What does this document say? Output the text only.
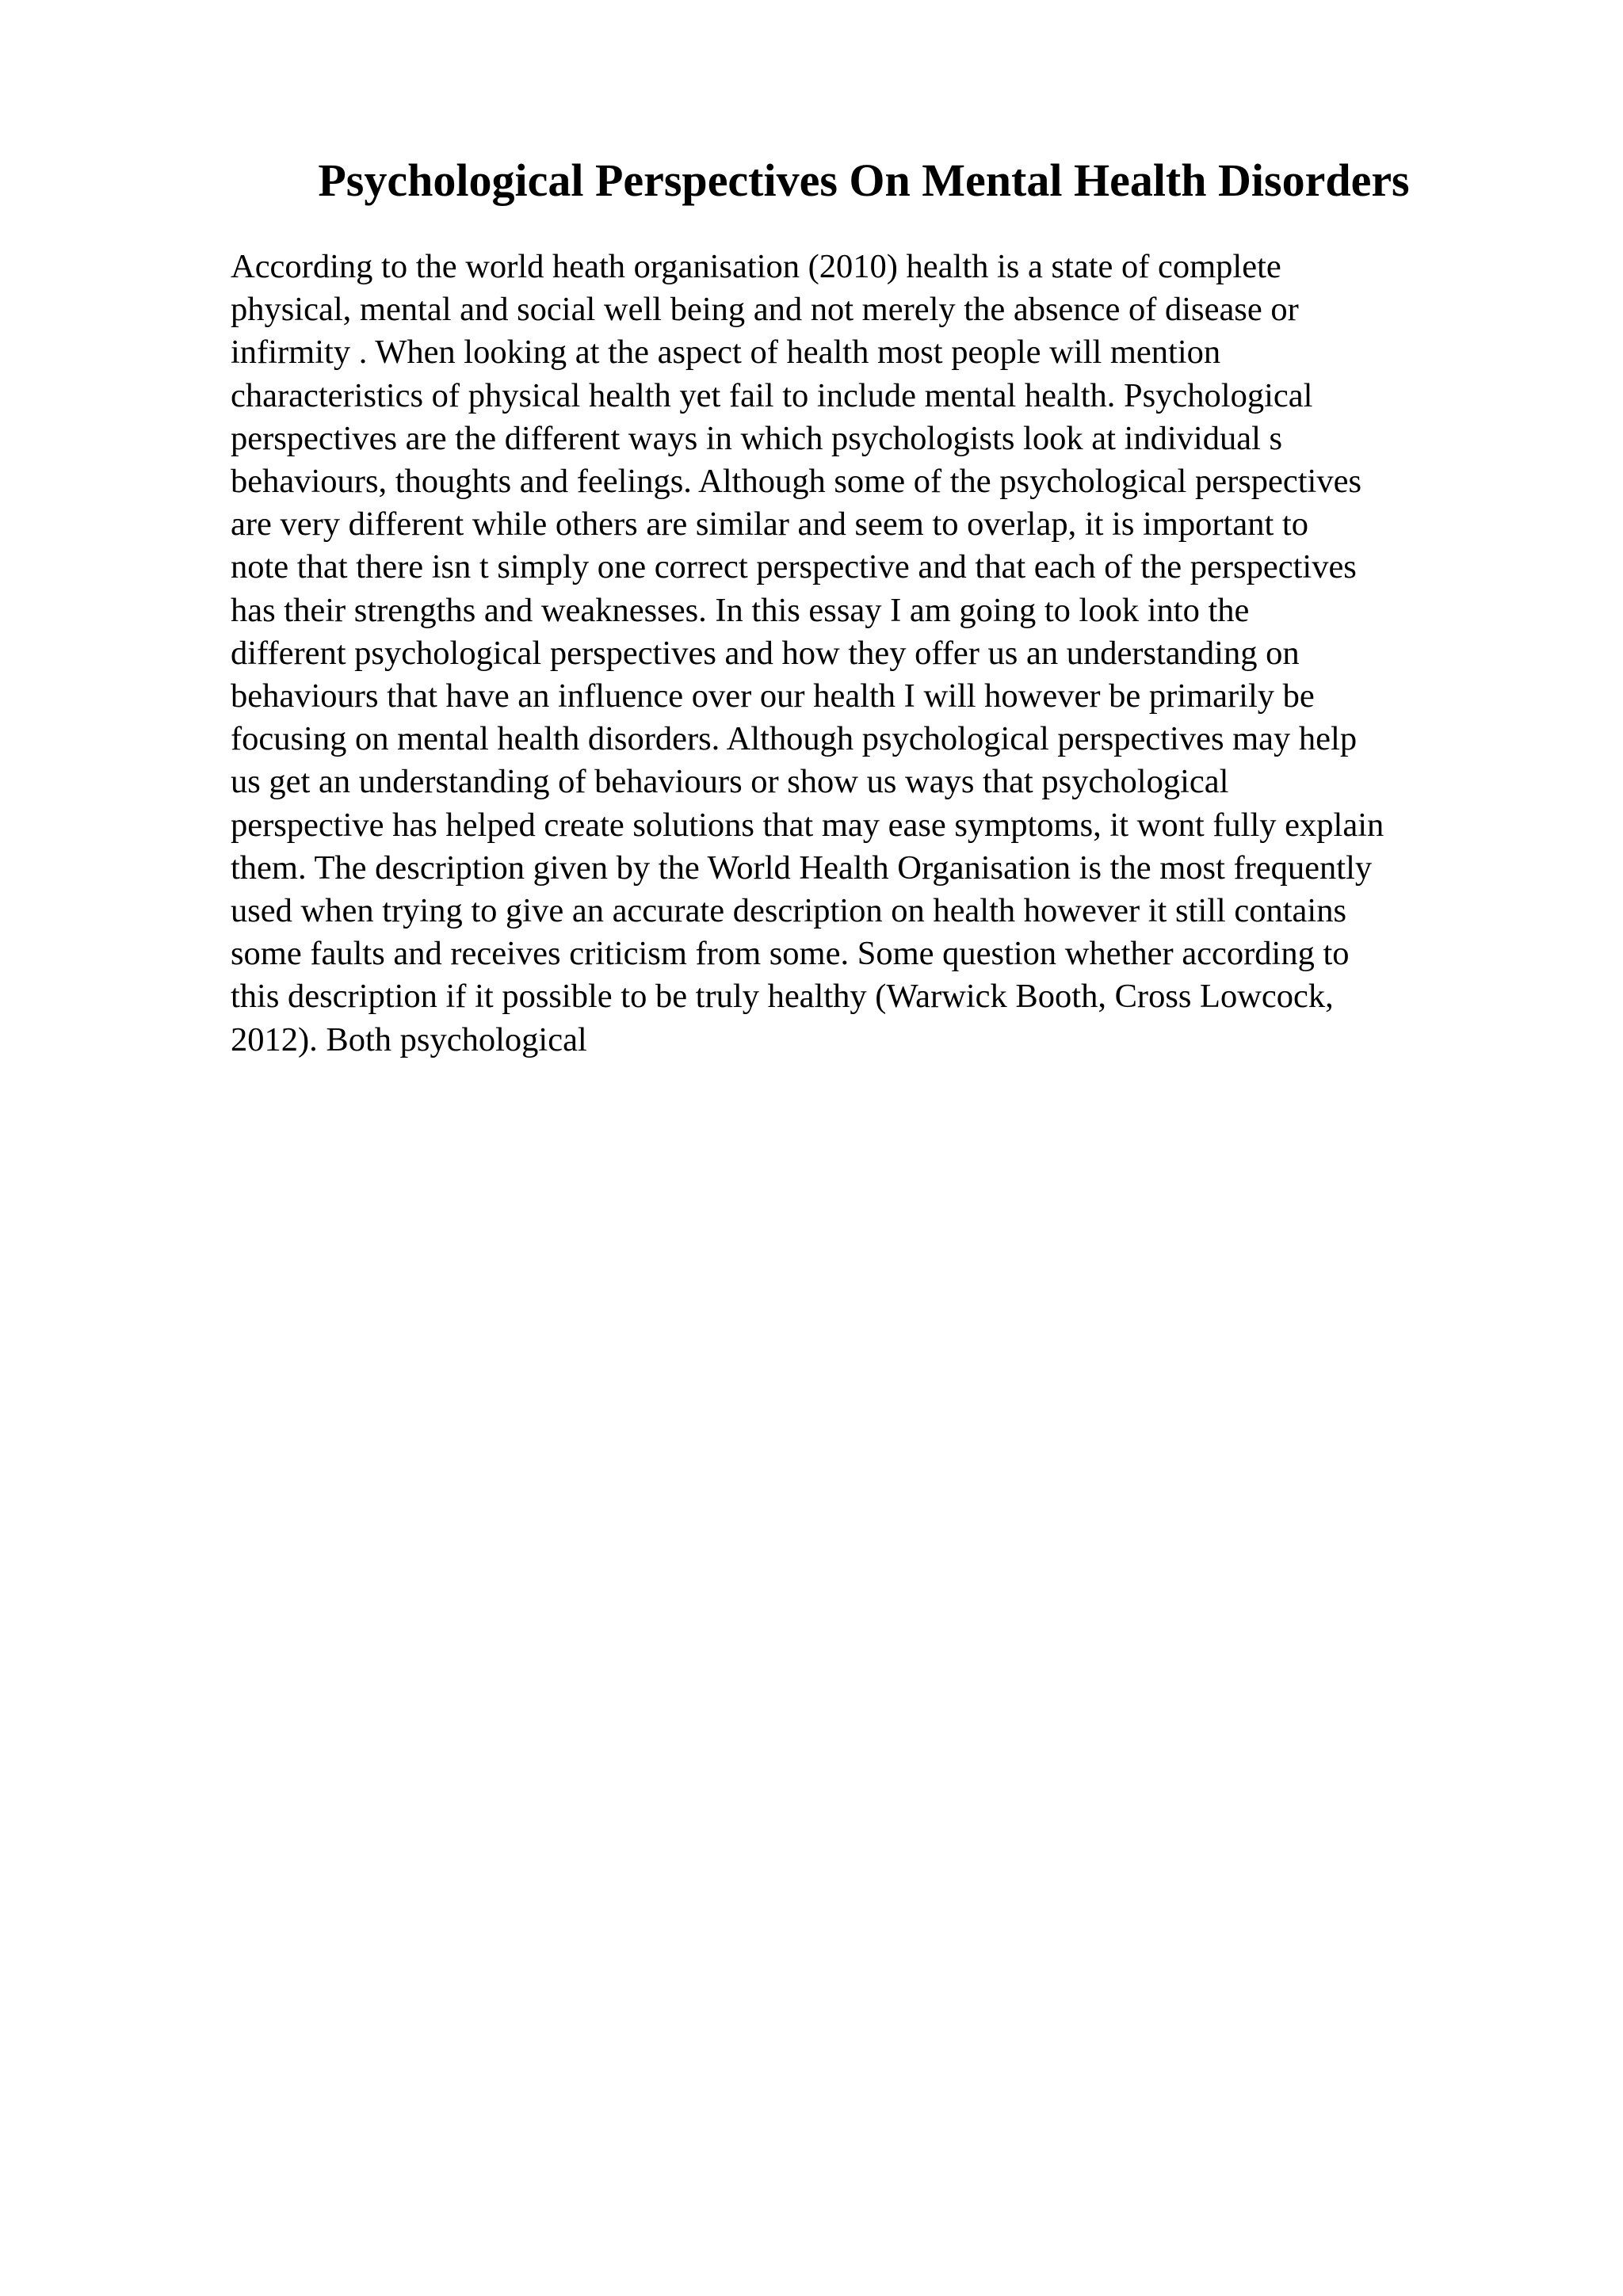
Psychological Perspectives On Mental Health Disorders
According to the world heath organisation (2010) health is a state of complete
physical, mental and social well being and not merely the absence of disease or
infirmity . When looking at the aspect of health most people will mention
characteristics of physical health yet fail to include mental health. Psychological
perspectives are the different ways in which psychologists look at individual s
behaviours, thoughts and feelings. Although some of the psychological perspectives
are very different while others are similar and seem to overlap, it is important to
note that there isn t simply one correct perspective and that each of the perspectives
has their strengths and weaknesses. In this essay I am going to look into the
different psychological perspectives and how they offer us an understanding on
behaviours that have an influence over our health I will however be primarily be
focusing on mental health disorders. Although psychological perspectives may help
us get an understanding of behaviours or show us ways that psychological
perspective has helped create solutions that may ease symptoms, it wont fully explain
them. The description given by the World Health Organisation is the most frequently
used when trying to give an accurate description on health however it still contains
some faults and receives criticism from some. Some question whether according to
this description if it possible to be truly healthy (Warwick Booth, Cross Lowcock,
2012). Both psychological
